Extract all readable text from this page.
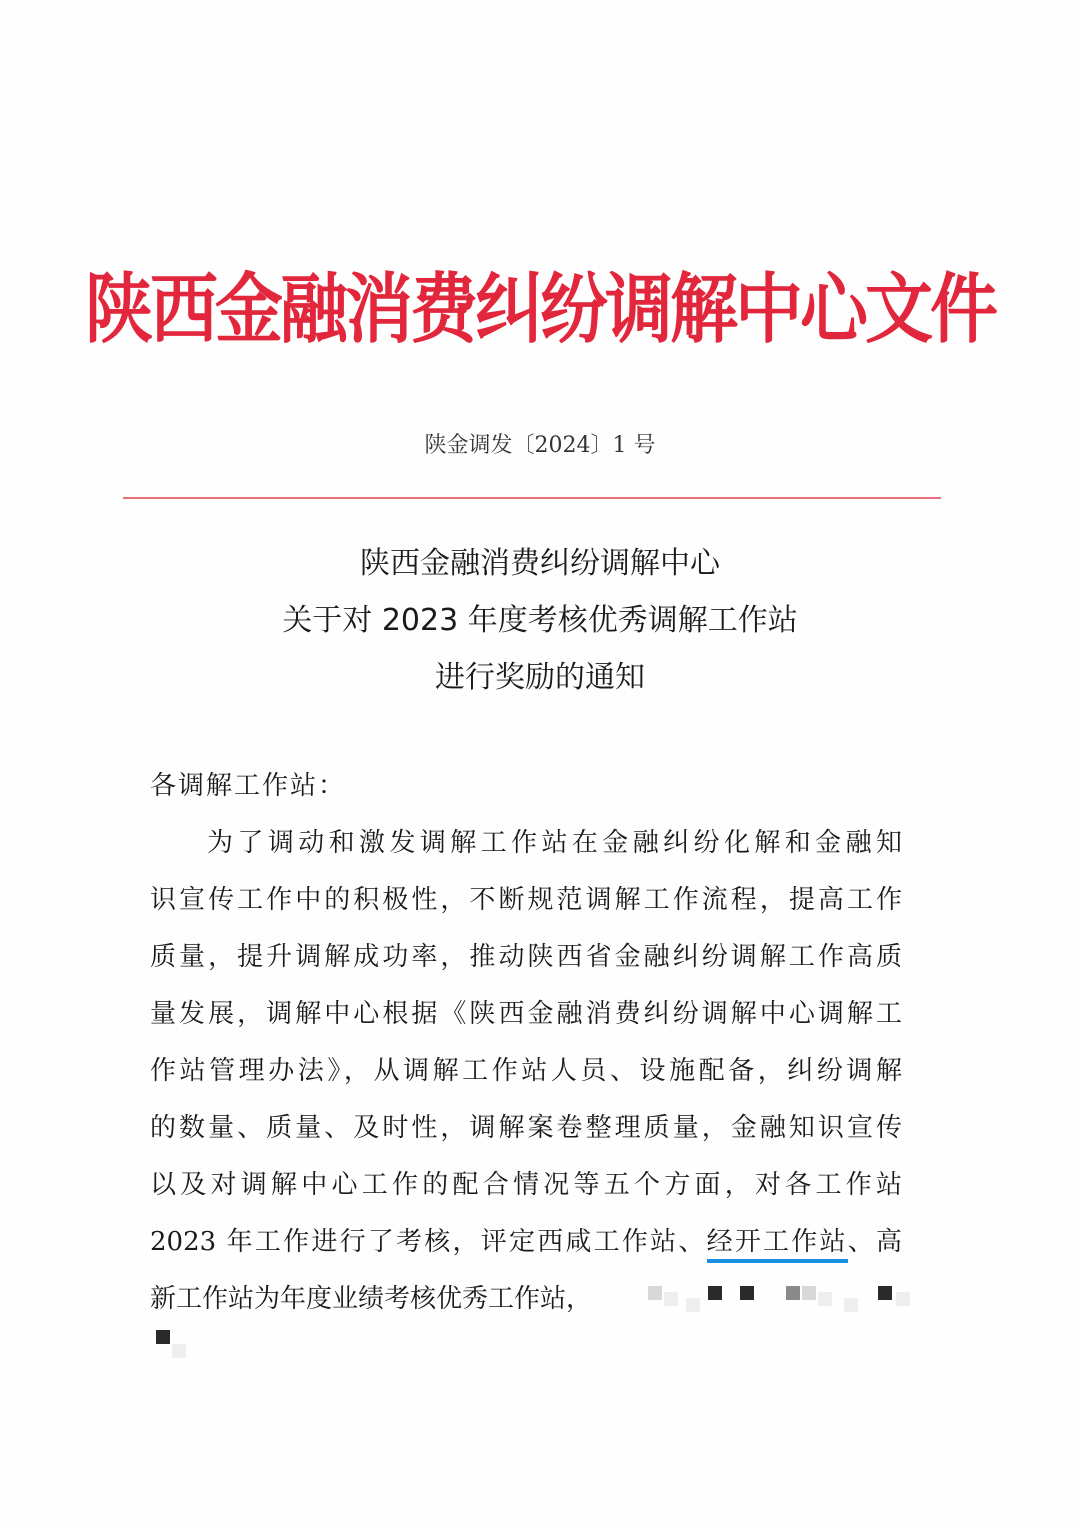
陕西金融消费纠纷调解中心文件
陕金调发〔2024〕1 号
陕西金融消费纠纷调解中心
关于对 2023 年度考核优秀调解工作站
进行奖励的通知
各调解工作站：
为了调动和激发调解工作站在金融纠纷化解和金融知
识宣传工作中的积极性，不断规范调解工作流程，提高工作
质量，提升调解成功率，推动陕西省金融纠纷调解工作高质
量发展，调解中心根据《陕西金融消费纠纷调解中心调解工
作站管理办法》，从调解工作站人员、设施配备，纠纷调解
的数量、质量、及时性，调解案卷整理质量，金融知识宣传
以及对调解中心工作的配合情况等五个方面，对各工作站
2023 年工作进行了考核，评定西咸工作站、经开工作站、高
新工作站为年度业绩考核优秀工作站，
